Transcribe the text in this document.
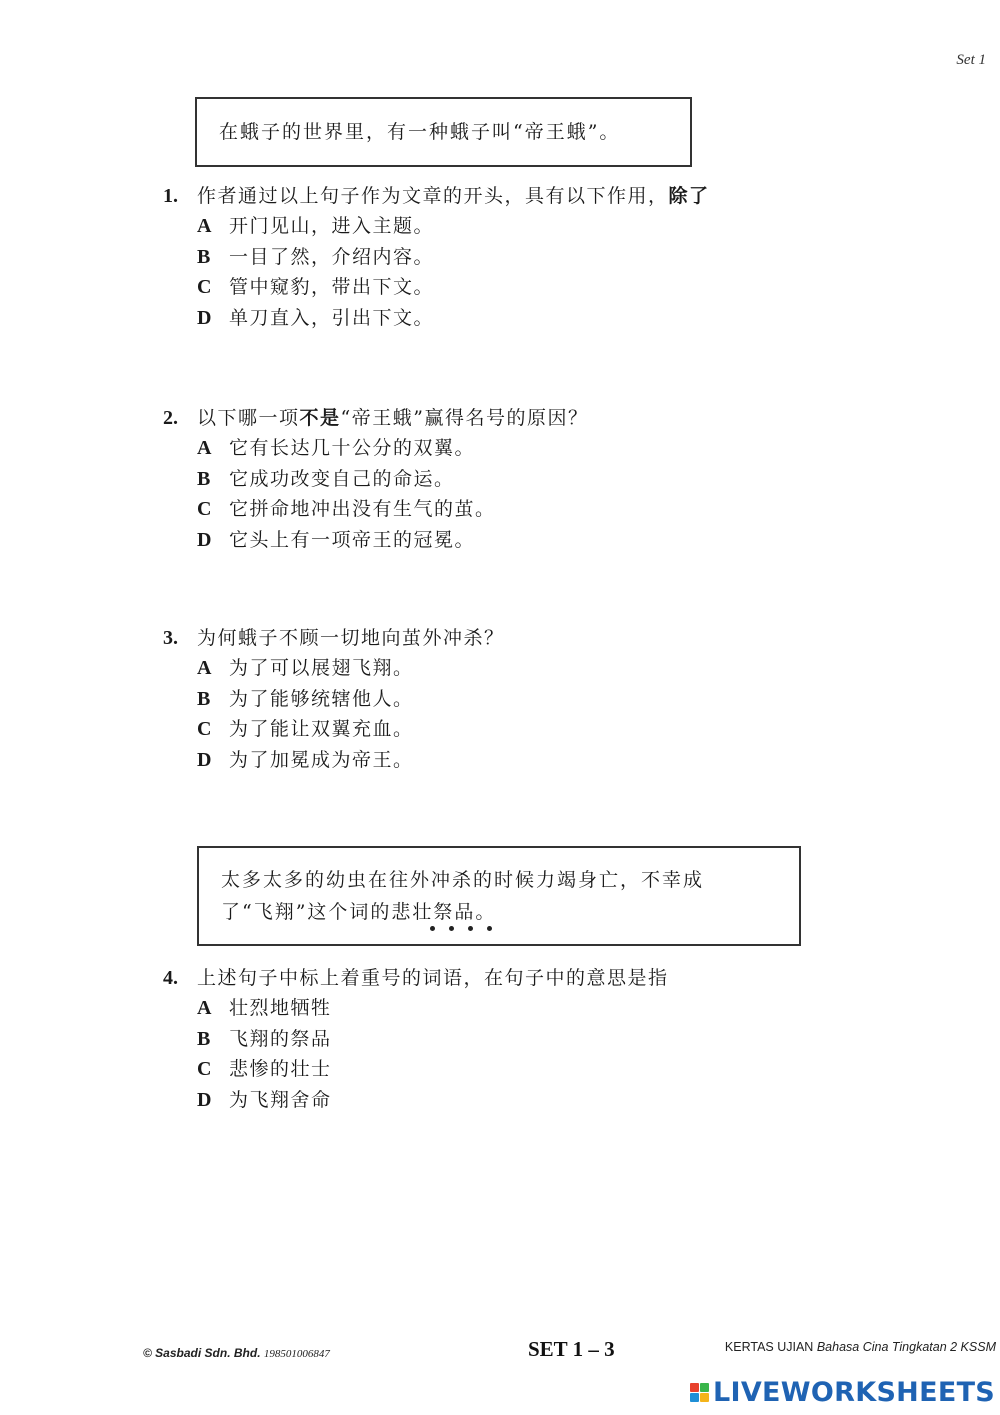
Set 1
在蛾子的世界里，有一种蛾子叫“帝王蛾”。
1. 作者通过以上句子作为文章的开头，具有以下作用，除了
A 开门见山，进入主题。
B 一目了然，介绍内容。
C 管中窥豹，带出下文。
D 单刀直入，引出下文。
2. 以下哪一项不是“帝王蛾”赢得名号的原因？
A 它有长达几十公分的双翼。
B 它成功改变自己的命运。
C 它拼命地冲出没有生气的茧。
D 它头上有一项帝王的冠冕。
3. 为何蛾子不顾一切地向茧外冲杀？
A 为了可以展翅飞翔。
B 为了能够统辖他人。
C 为了能让双翼充血。
D 为了加冕成为帝王。
太多太多的幼虫在往外冲杀的时候力竭身亡，不幸成
了“飞翔”这个词的悲壮祭品。
4. 上述句子中标上着重号的词语，在句子中的意思是指
A 壮烈地牺牲
B 飞翔的祭品
C 悲惨的壮士
D 为飞翔舍命
© Sasbadi Sdn. Bhd. 198501006847	SET 1 – 3	KERTAS UJIAN Bahasa Cina Tingkatan 2 KSSM
LIVEWORKSHEETS
